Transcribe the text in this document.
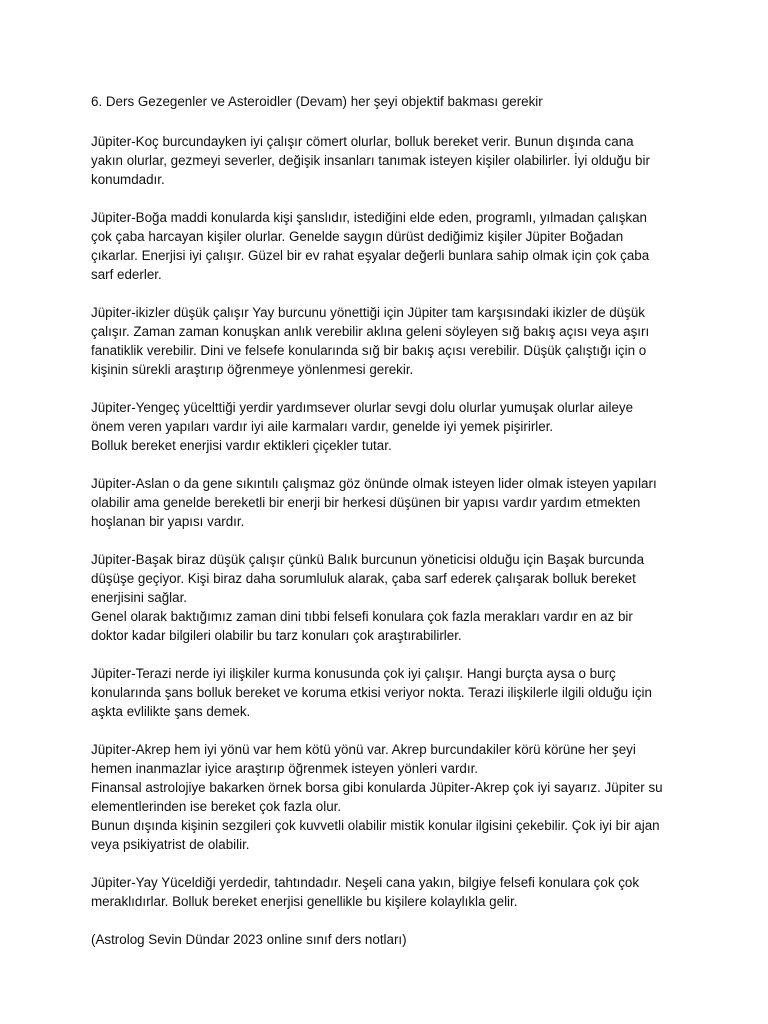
6. Ders Gezegenler ve Asteroidler (Devam) her şeyi objektif bakması gerekir

Jüpiter-Koç burcundayken iyi çalışır cömert olurlar, bolluk bereket verir. Bunun dışında cana

yakın olurlar, gezmeyi severler, değişik insanları tanımak isteyen kişiler olabilirler. İyi olduğu bir

konumdadır.

Jüpiter-Boğa maddi konularda kişi şanslıdır, istediğini elde eden, programlı, yılmadan çalışkan

çok çaba harcayan kişiler olurlar. Genelde saygın dürüst dediğimiz kişiler Jüpiter Boğadan

çıkarlar. Enerjisi iyi çalışır. Güzel bir ev rahat eşyalar değerli bunlara sahip olmak için çok çaba

sarf ederler.

Jüpiter-ikizler düşük çalışır Yay burcunu yönettiği için Jüpiter tam karşısındaki ikizler de düşük

çalışır. Zaman zaman konuşkan anlık verebilir aklına geleni söyleyen sığ bakış açısı veya aşırı

fanatiklik verebilir. Dini ve felsefe konularında sığ bir bakış açısı verebilir. Düşük çalıştığı için o

kişinin sürekli araştırıp öğrenmeye yönlenmesi gerekir.

Jüpiter-Yengeç yücelttiği yerdir yardımsever olurlar sevgi dolu olurlar yumuşak olurlar aileye

önem veren yapıları vardır iyi aile karmaları vardır, genelde iyi yemek pişirirler.

Bolluk bereket enerjisi vardır ektikleri çiçekler tutar.

Jüpiter-Aslan o da gene sıkıntılı çalışmaz göz önünde olmak isteyen lider olmak isteyen yapıları

olabilir ama genelde bereketli bir enerji bir herkesi düşünen bir yapısı vardır yardım etmekten

hoşlanan bir yapısı vardır.

Jüpiter-Başak biraz düşük çalışır çünkü Balık burcunun yöneticisi olduğu için Başak burcunda

düşüşe geçiyor. Kişi biraz daha sorumluluk alarak, çaba sarf ederek çalışarak bolluk bereket

enerjisini sağlar.

Genel olarak baktığımız zaman dini tıbbi felsefi konulara çok fazla merakları vardır en az bir

doktor kadar bilgileri olabilir bu tarz konuları çok araştırabilirler.

Jüpiter-Terazi nerde iyi ilişkiler kurma konusunda çok iyi çalışır. Hangi burçta aysa o burç

konularında şans bolluk bereket ve koruma etkisi veriyor nokta. Terazi ilişkilerle ilgili olduğu için

aşkta evlilikte şans demek.

Jüpiter-Akrep hem iyi yönü var hem kötü yönü var. Akrep burcundakiler körü körüne her şeyi

hemen inanmazlar iyice araştırıp öğrenmek isteyen yönleri vardır.

Finansal astrolojiye bakarken örnek borsa gibi konularda Jüpiter-Akrep çok iyi sayarız. Jüpiter su

elementlerinden ise bereket çok fazla olur.

Bunun dışında kişinin sezgileri çok kuvvetli olabilir mistik konular ilgisini çekebilir. Çok iyi bir ajan

veya psikiyatrist de olabilir.

Jüpiter-Yay Yüceldiği yerdedir, tahtındadır. Neşeli cana yakın, bilgiye felsefi konulara çok çok

meraklıdırlar. Bolluk bereket enerjisi genellikle bu kişilere kolaylıkla gelir.

(Astrolog Sevin Dündar 2023 online sınıf ders notları)
